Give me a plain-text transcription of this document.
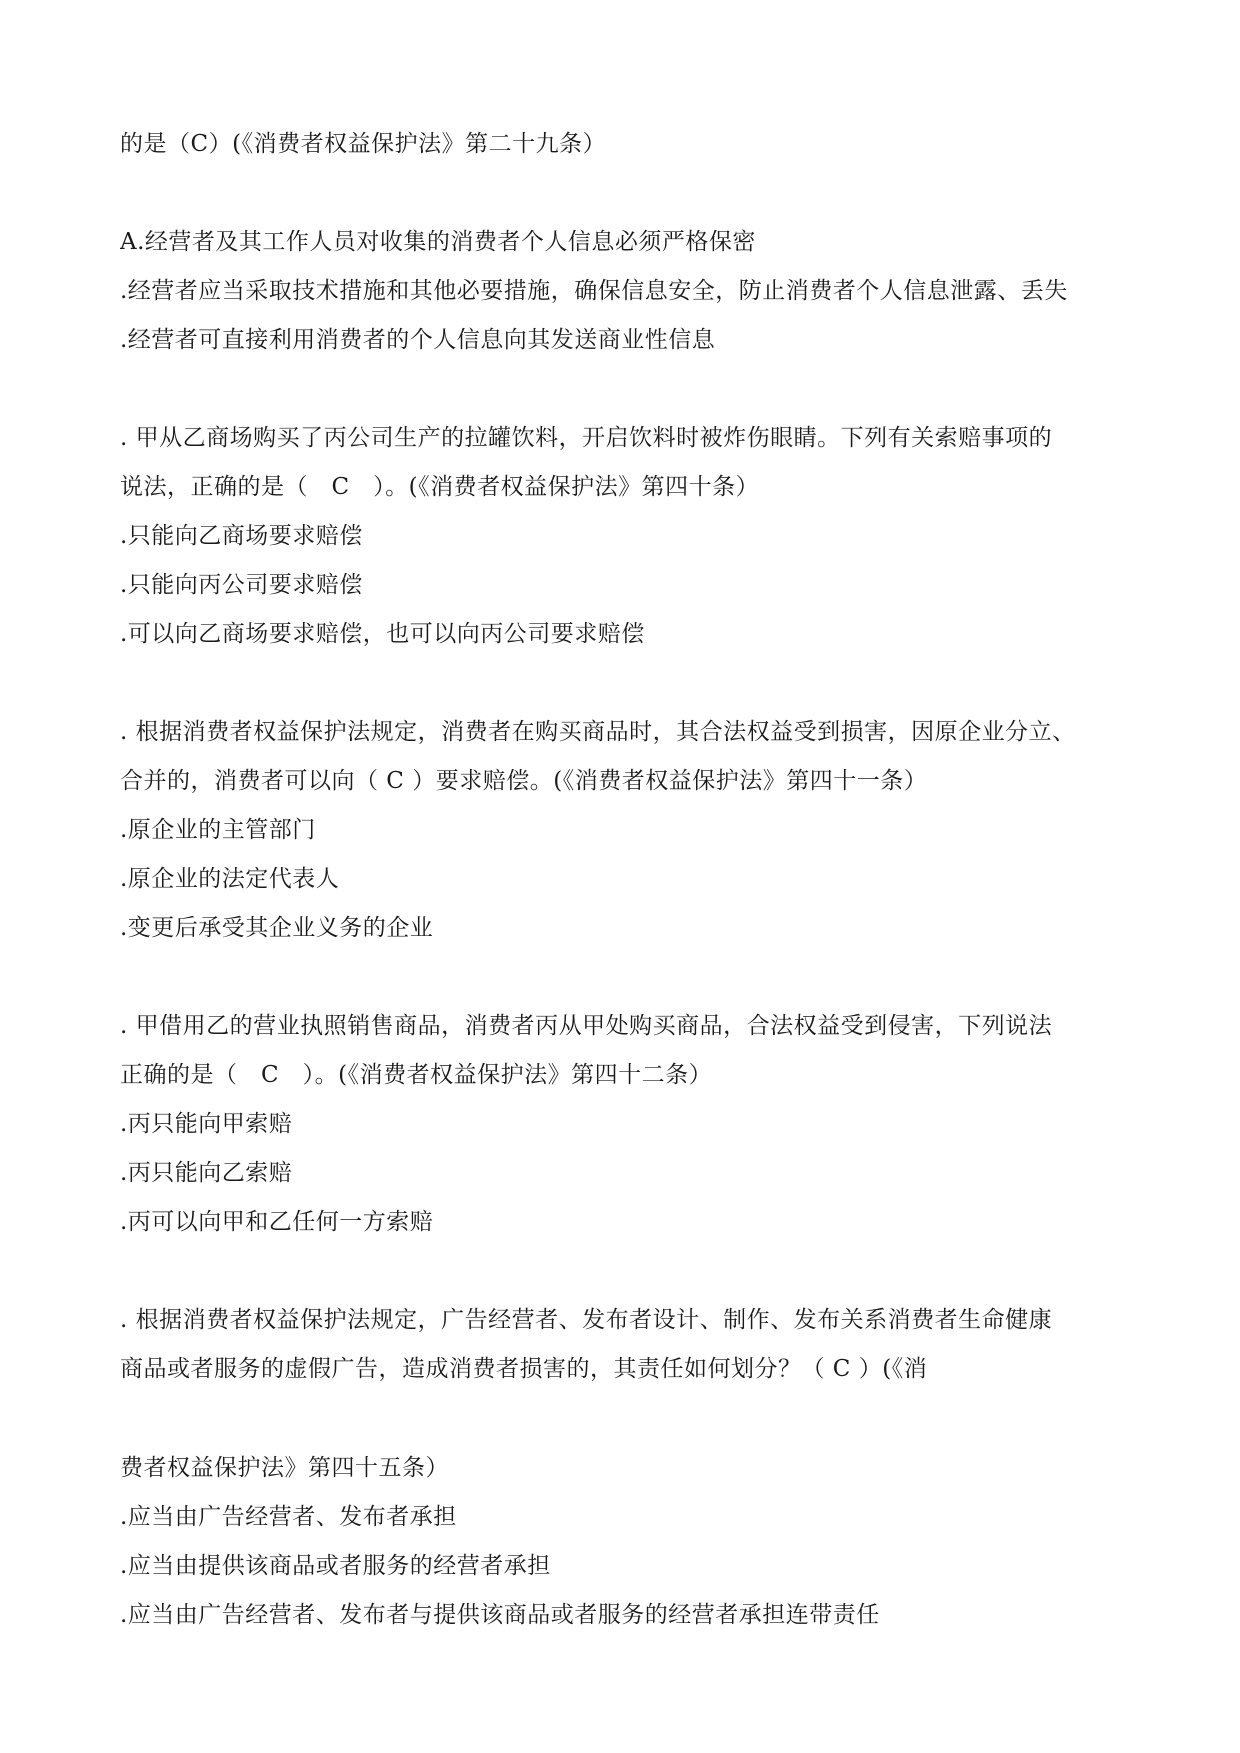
的是（C）(《消费者权益保护法》第二十九条）
A.经营者及其工作人员对收集的消费者个人信息必须严格保密
.经营者应当采取技术措施和其他必要措施，确保信息安全，防止消费者个人信息泄露、丢失
.经营者可直接利用消费者的个人信息向其发送商业性信息
. 甲从乙商场购买了丙公司生产的拉罐饮料，开启饮料时被炸伤眼睛。下列有关索赔事项的
说法，正确的是（　C　）。(《消费者权益保护法》第四十条）
.只能向乙商场要求赔偿
.只能向丙公司要求赔偿
.可以向乙商场要求赔偿，也可以向丙公司要求赔偿
. 根据消费者权益保护法规定，消费者在购买商品时，其合法权益受到损害，因原企业分立、
合并的，消费者可以向（ C ）要求赔偿。(《消费者权益保护法》第四十一条）
.原企业的主管部门
.原企业的法定代表人
.变更后承受其企业义务的企业
. 甲借用乙的营业执照销售商品，消费者丙从甲处购买商品，合法权益受到侵害，下列说法
正确的是（　C　）。(《消费者权益保护法》第四十二条）
.丙只能向甲索赔
.丙只能向乙索赔
.丙可以向甲和乙任何一方索赔
. 根据消费者权益保护法规定，广告经营者、发布者设计、制作、发布关系消费者生命健康
商品或者服务的虚假广告，造成消费者损害的，其责任如何划分？（ C ）(《消
费者权益保护法》第四十五条）
.应当由广告经营者、发布者承担
.应当由提供该商品或者服务的经营者承担
.应当由广告经营者、发布者与提供该商品或者服务的经营者承担连带责任
